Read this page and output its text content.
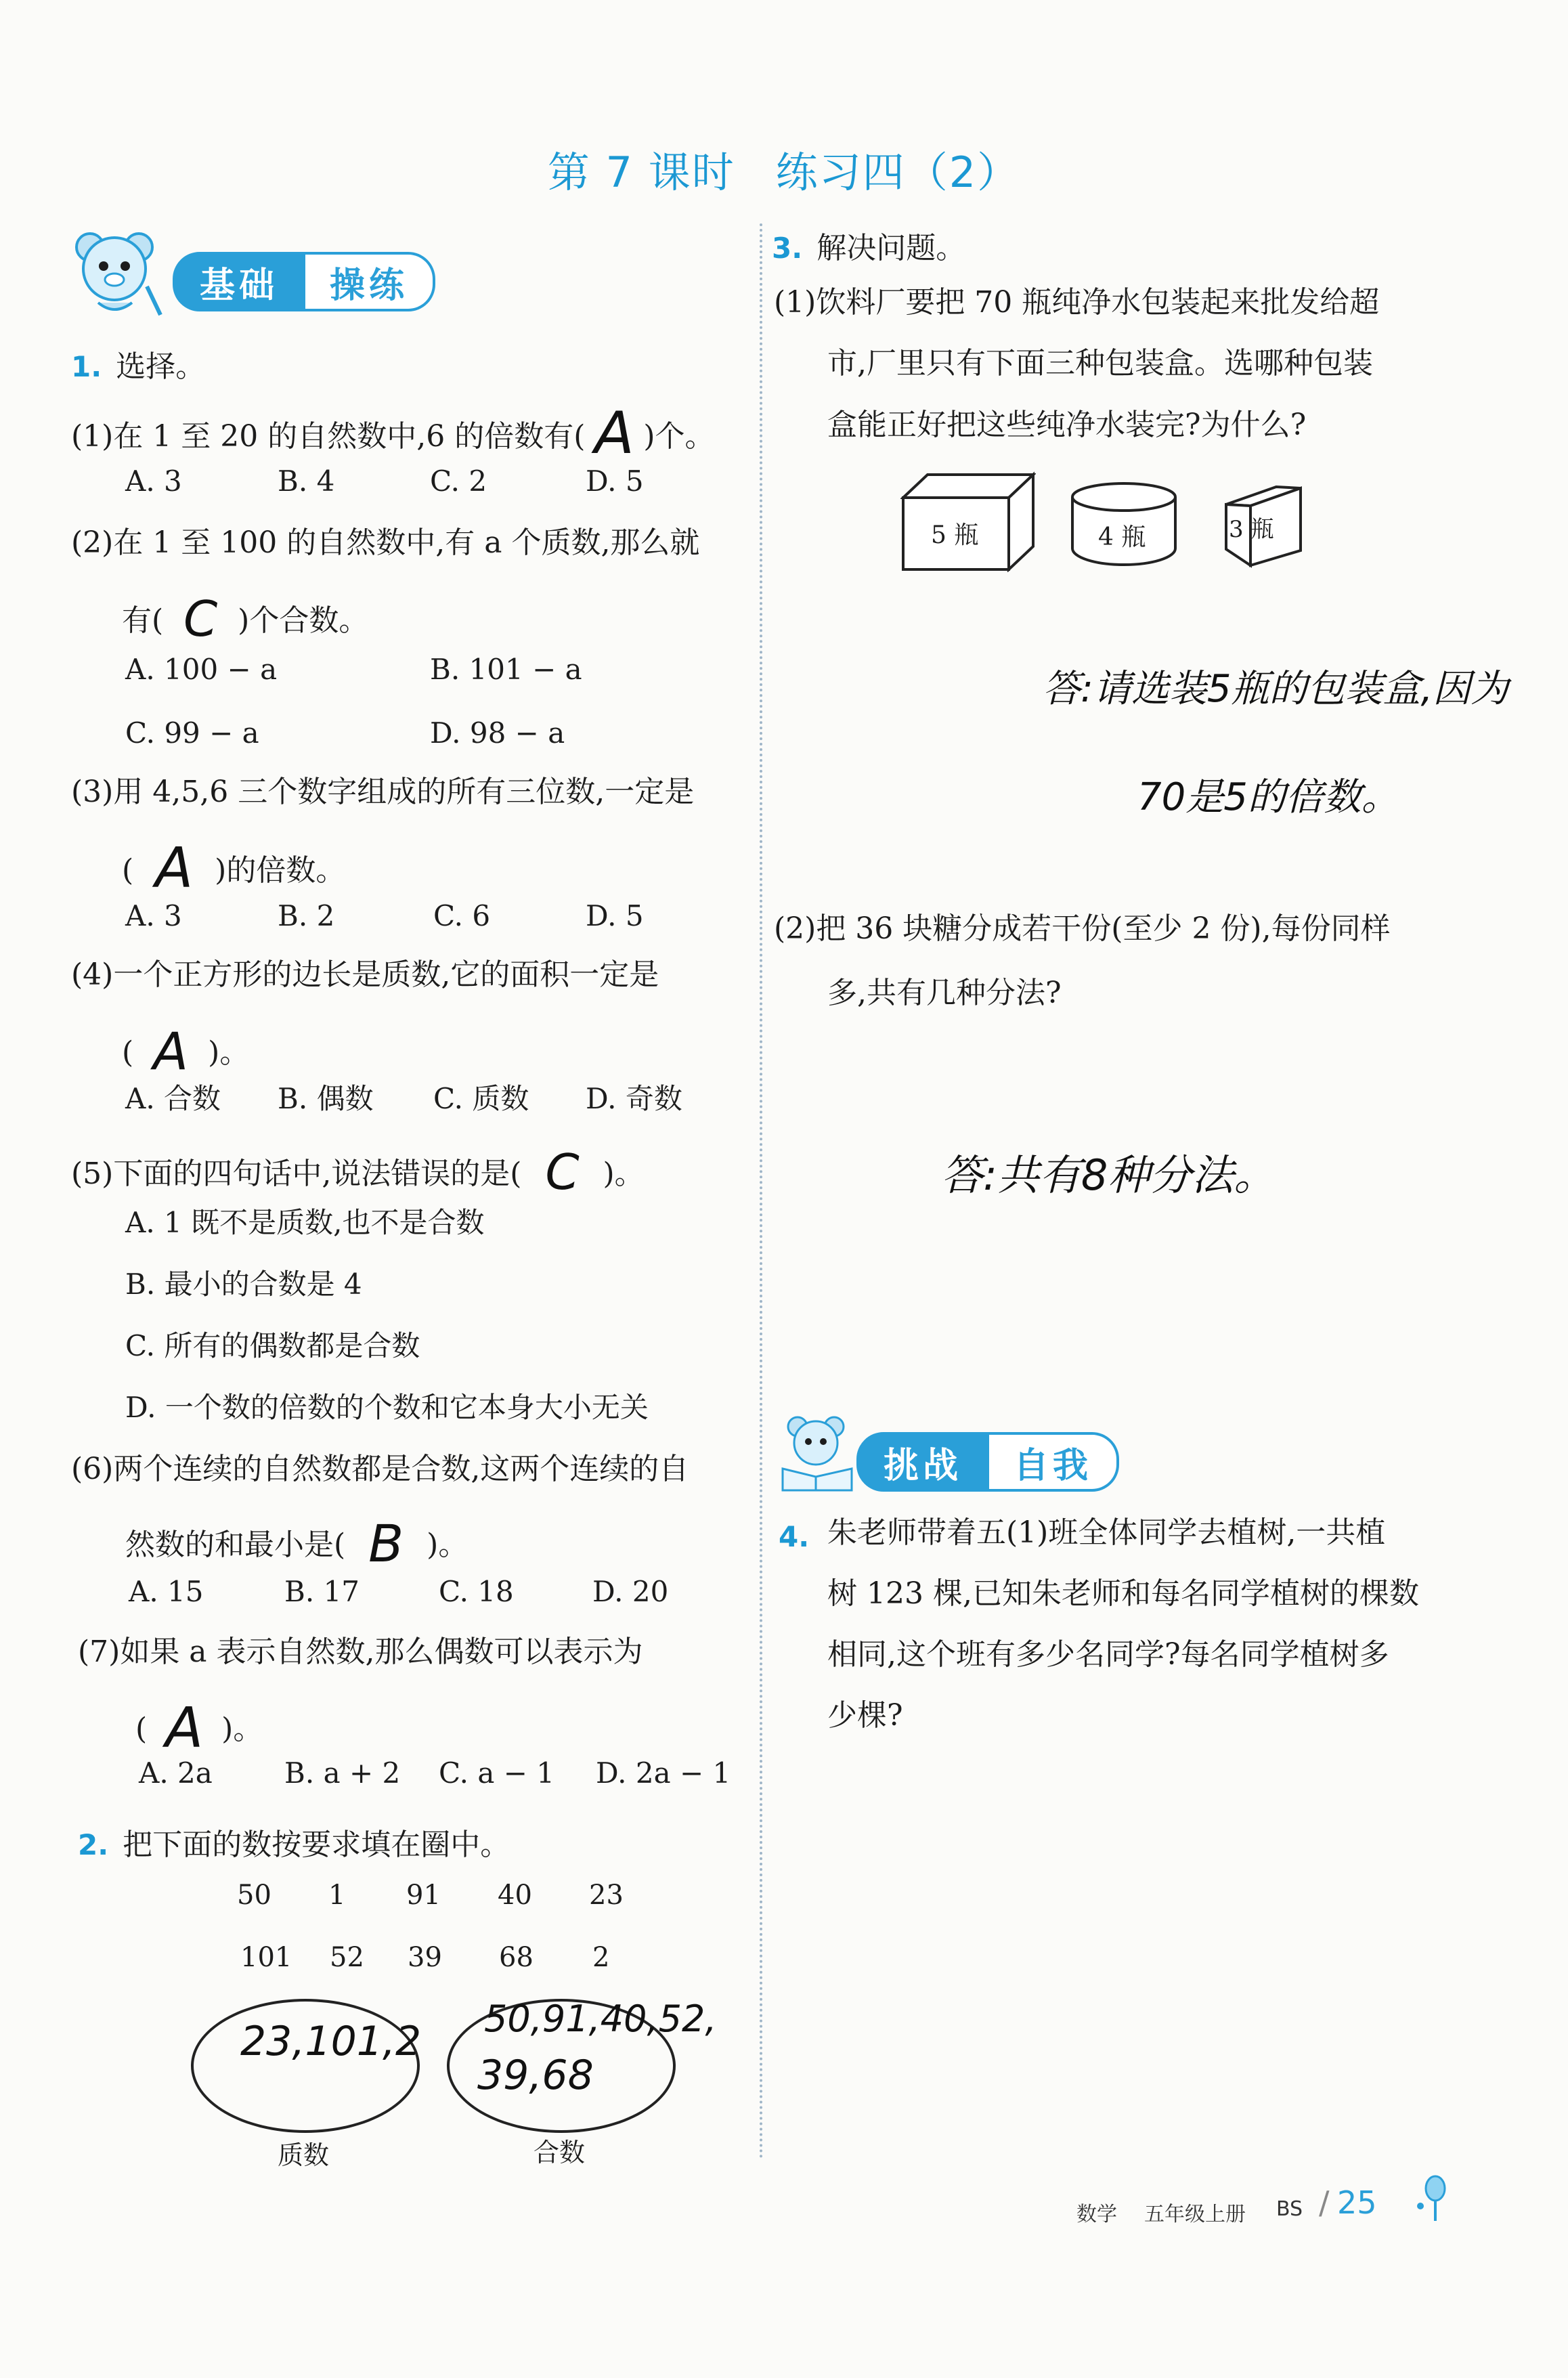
第 7 课时 练习四（2）
基础	操练
1. 选择。
(1)在 1 至 20 的自然数中,6 的倍数有( A )个。
A. 3	B. 4	C. 2	D. 5
(2)在 1 至 100 的自然数中,有 a 个质数,那么就
有( C )个合数。
A. 100 − a	B. 101 − a
C. 99 − a	D. 98 − a
(3)用 4,5,6 三个数字组成的所有三位数,一定是
( A )的倍数。
A. 3	B. 2	C. 6	D. 5
(4)一个正方形的边长是质数,它的面积一定是
( A )。
A. 合数 B. 偶数 C. 质数 D. 奇数
(5)下面的四句话中,说法错误的是( C )。
A. 1 既不是质数,也不是合数
B. 最小的合数是 4
C. 所有的偶数都是合数
D. 一个数的倍数的个数和它本身大小无关
(6)两个连续的自然数都是合数,这两个连续的自
然数的和最小是( B )。
A. 15	B. 17	C. 18	D. 20
(7)如果 a 表示自然数,那么偶数可以表示为
( A )。
A. 2a	B. a + 2 C. a − 1 D. 2a − 1
2. 把下面的数按要求填在圈中。
50 1 91 40 23
101 52 39 68 2
23,101,2
质数
50,91,40,52,
39,68
合数
3. 解决问题。
(1)饮料厂要把 70 瓶纯净水包装起来批发给超
市,厂里只有下面三种包装盒。选哪种包装
盒能正好把这些纯净水装完?为什么?
5 瓶	4 瓶	3 瓶
答:请选装5瓶的包装盒,因为
70是5的倍数。
(2)把 36 块糖分成若干份(至少 2 份),每份同样
多,共有几种分法?
答:共有8种分法。
挑战	自我
4. 朱老师带着五(1)班全体同学去植树,一共植
树 123 棵,已知朱老师和每名同学植树的棵数
相同,这个班有多少名同学?每名同学植树多
少棵?
数学 五年级上册 BS / 25
